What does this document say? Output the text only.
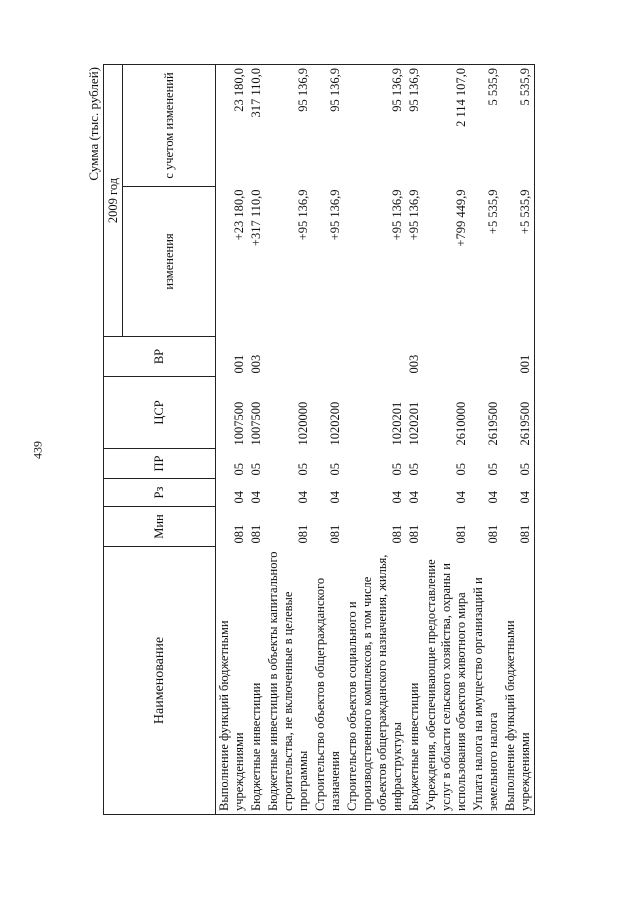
439
Сумма (тыс. рублей)
Наименование	Мин	Рз	ПР	ЦСР	ВР	2009 год	
						изменения	с учетом изменений
Выполнение функций бюджетными учреждениями	081	04	05	1007500	001	+23 180,0	23 180,0
Бюджетные инвестиции	081	04	05	1007500	003	+317 110,0	317 110,0
Бюджетные инвестиции в объекты капитального строительства, не включенные в целевые программы	081	04	05	1020000		+95 136,9	95 136,9
Строительство объектов общегражданского назначения	081	04	05	1020200		+95 136,9	95 136,9
Строительство объектов социального и производственного комплексов, в том числе объектов общегражданского назначения, жилья, инфраструктуры	081	04	05	1020201		+95 136,9	95 136,9
Бюджетные инвестиции	081	04	05	1020201	003	+95 136,9	95 136,9
Учреждения, обеспечивающие предоставление услуг в области сельского хозяйства, охраны и использования объектов животного мира	081	04	05	2610000		+799 449,9	2 114 107,0
Уплата налога на имущество организаций и земельного налога	081	04	05	2619500		+5 535,9	5 535,9
Выполнение функций бюджетными учреждениями	081	04	05	2619500	001	+5 535,9	5 535,9
